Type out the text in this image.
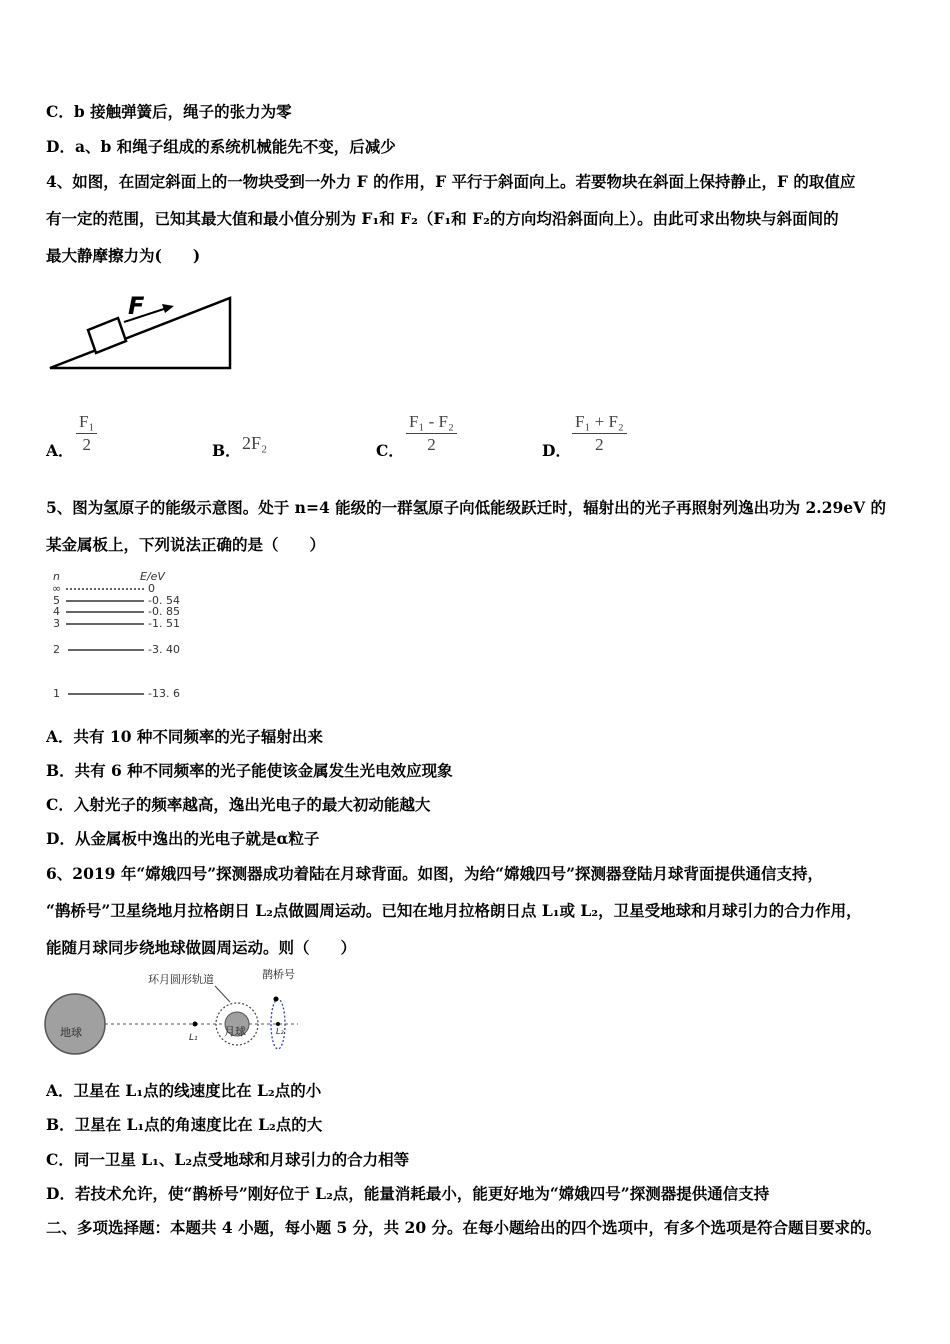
C．b 接触弹簧后，绳子的张力为零
D．a、b 和绳子组成的系统机械能先不变，后减少
4、如图，在固定斜面上的一物块受到一外力 F 的作用，F 平行于斜面向上。若要物块在斜面上保持静止，F 的取值应
有一定的范围，已知其最大值和最小值分别为 F₁和 F₂（F₁和 F₂的方向均沿斜面向上）。由此可求出物块与斜面间的
最大静摩擦力为(　　)
F
A． $\frac{\text{F₁}}{2}$	B． 2F₂	C． $\frac{\text{F₁ - F₂}}{2}$	D． $\frac{\text{F₁ + F₂}}{2}$
5、图为氢原子的能级示意图。处于 n=4 能级的一群氢原子向低能级跃迁时，辐射出的光子再照射列逸出功为 2.29eV 的
某金属板上，下列说法正确的是（　　）
n	E/eV
∞	0
5	-0. 54
4	-0. 85
3	-1. 51
2	-3. 40
1	-13. 6
A．共有 10 种不同频率的光子辐射出来
B．共有 6 种不同频率的光子能使该金属发生光电效应现象
C．入射光子的频率越高，逸出光电子的最大初动能越大
D．从金属板中逸出的光电子就是α粒子
6、2019 年“嫦娥四号”探测器成功着陆在月球背面。如图，为给“嫦娥四号”探测器登陆月球背面提供通信支持，
“鹊桥号”卫星绕地月拉格朗日 L₂点做圆周运动。已知在地月拉格朗日点 L₁或 L₂，卫星受地球和月球引力的合力作用，
能随月球同步绕地球做圆周运动。则（　　）
地球	L₁ 月球
环月圆形轨道
L₂
鹊桥号
A．卫星在 L₁点的线速度比在 L₂点的小
B．卫星在 L₁点的角速度比在 L₂点的大
C．同一卫星 L₁、L₂点受地球和月球引力的合力相等
D．若技术允许，使“鹊桥号”刚好位于 L₂点，能量消耗最小，能更好地为“嫦娥四号”探测器提供通信支持
二、多项选择题：本题共 4 小题，每小题 5 分，共 20 分。在每小题给出的四个选项中，有多个选项是符合题目要求的。
